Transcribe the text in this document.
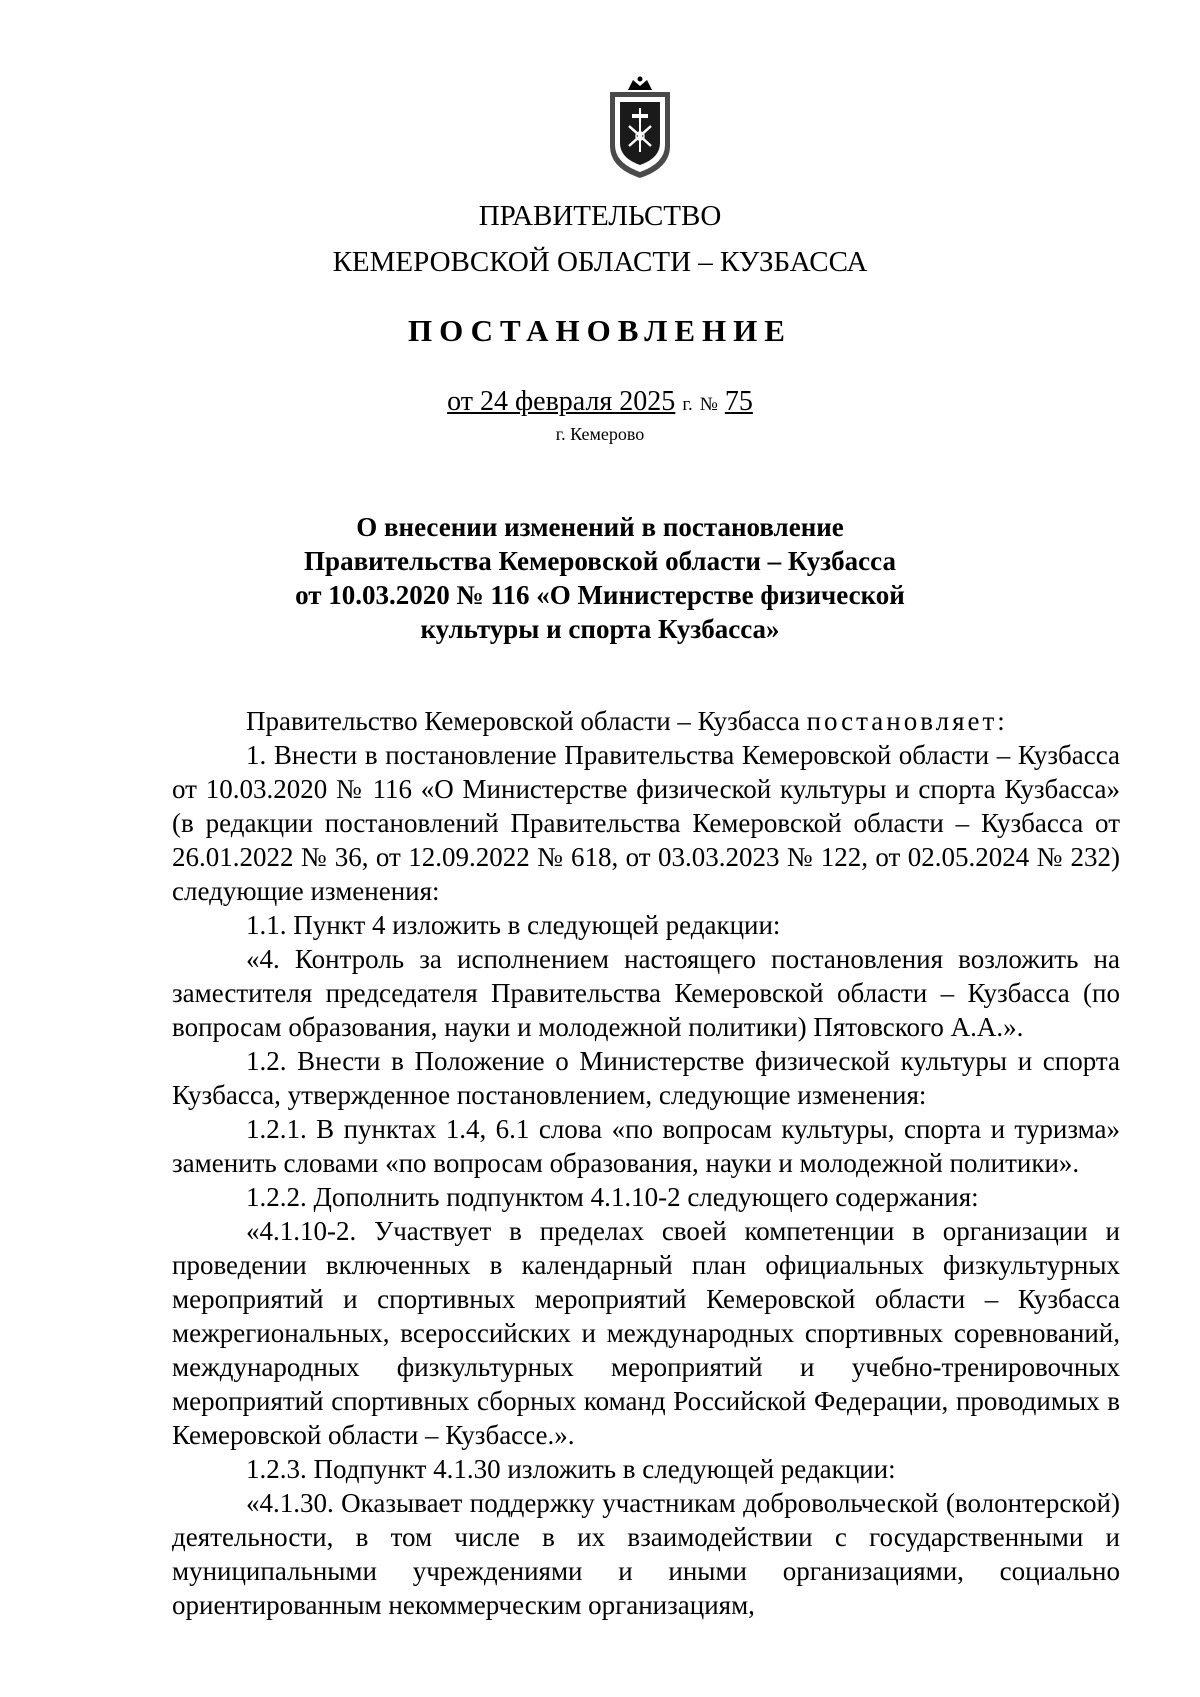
ПРАВИТЕЛЬСТВО
КЕМЕРОВСКОЙ ОБЛАСТИ – КУЗБАССА
ПОСТАНОВЛЕНИЕ
от 24 февраля 2025 г. № 75
г. Кемерово
О внесении изменений в постановление
Правительства Кемеровской области – Кузбасса
от 10.03.2020 № 116 «О Министерстве физической
культуры и спорта Кузбасса»

Правительство Кемеровской области – Кузбасса постановляет:

1. Внести в постановление Правительства Кемеровской области – Кузбасса от 10.03.2020 № 116 «О Министерстве физической культуры и спорта Кузбасса» (в редакции постановлений Правительства Кемеровской области – Кузбасса от 26.01.2022 № 36, от 12.09.2022 № 618, от 03.03.2023 № 122, от 02.05.2024 № 232) следующие изменения:

1.1. Пункт 4 изложить в следующей редакции:

«4. Контроль за исполнением настоящего постановления возложить на заместителя председателя Правительства Кемеровской области – Кузбасса (по вопросам образования, науки и молодежной политики) Пятовского А.А.».

1.2. Внести в Положение о Министерстве физической культуры и спорта Кузбасса, утвержденное постановлением, следующие изменения:

1.2.1. В пунктах 1.4, 6.1 слова «по вопросам культуры, спорта и туризма» заменить словами «по вопросам образования, науки и молодежной политики».

1.2.2. Дополнить подпунктом 4.1.10-2 следующего содержания:

«4.1.10-2. Участвует в пределах своей компетенции в организации и проведении включенных в календарный план официальных физкультурных мероприятий и спортивных мероприятий Кемеровской области – Кузбасса межрегиональных, всероссийских и международных спортивных соревнований, международных физкультурных мероприятий и учебно-тренировочных мероприятий спортивных сборных команд Российской Федерации, проводимых в Кемеровской области – Кузбассе.».

1.2.3. Подпункт 4.1.30 изложить в следующей редакции:

«4.1.30. Оказывает поддержку участникам добровольческой (волонтерской) деятельности, в том числе в их взаимодействии с государственными и муниципальными учреждениями и иными организациями, социально ориентированным некоммерческим организациям,
